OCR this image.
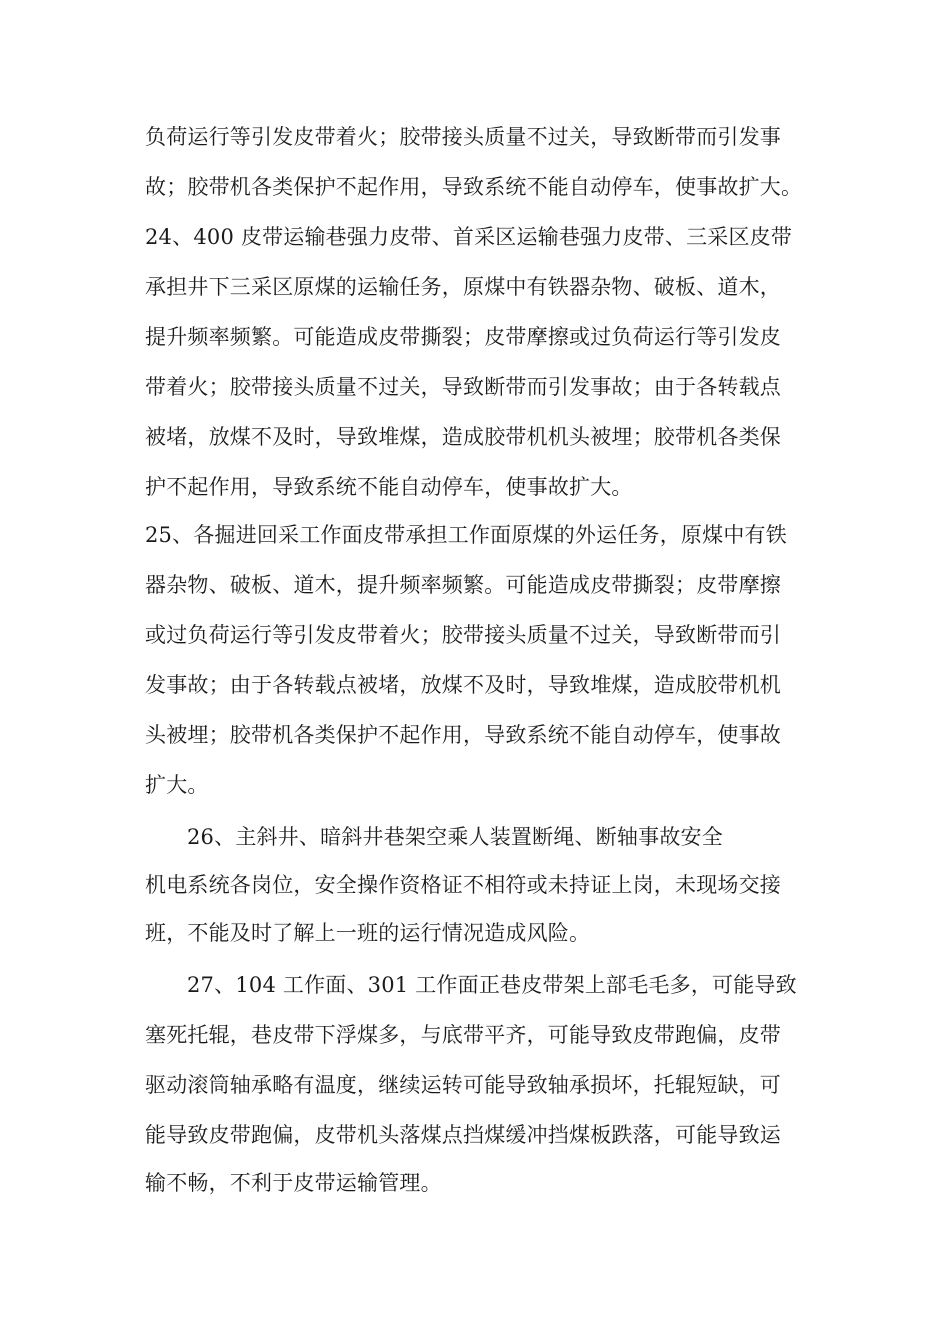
负荷运行等引发皮带着火；胶带接头质量不过关，导致断带而引发事
故；胶带机各类保护不起作用，导致系统不能自动停车，使事故扩大。
24、400 皮带运输巷强力皮带、首采区运输巷强力皮带、三采区皮带
承担井下三采区原煤的运输任务，原煤中有铁器杂物、破板、道木，
提升频率频繁。可能造成皮带撕裂；皮带摩擦或过负荷运行等引发皮
带着火；胶带接头质量不过关，导致断带而引发事故；由于各转载点
被堵，放煤不及时，导致堆煤，造成胶带机机头被埋；胶带机各类保
护不起作用，导致系统不能自动停车，使事故扩大。
25、各掘进回采工作面皮带承担工作面原煤的外运任务，原煤中有铁
器杂物、破板、道木，提升频率频繁。可能造成皮带撕裂；皮带摩擦
或过负荷运行等引发皮带着火；胶带接头质量不过关，导致断带而引
发事故；由于各转载点被堵，放煤不及时，导致堆煤，造成胶带机机
头被埋；胶带机各类保护不起作用，导致系统不能自动停车，使事故
扩大。
26、主斜井、暗斜井巷架空乘人装置断绳、断轴事故安全
机电系统各岗位，安全操作资格证不相符或未持证上岗，未现场交接
班，不能及时了解上一班的运行情况造成风险。
27、104 工作面、301 工作面正巷皮带架上部毛毛多，可能导致
塞死托辊，巷皮带下浮煤多，与底带平齐，可能导致皮带跑偏，皮带
驱动滚筒轴承略有温度，继续运转可能导致轴承损坏，托辊短缺，可
能导致皮带跑偏，皮带机头落煤点挡煤缓冲挡煤板跌落，可能导致运
输不畅，不利于皮带运输管理。
